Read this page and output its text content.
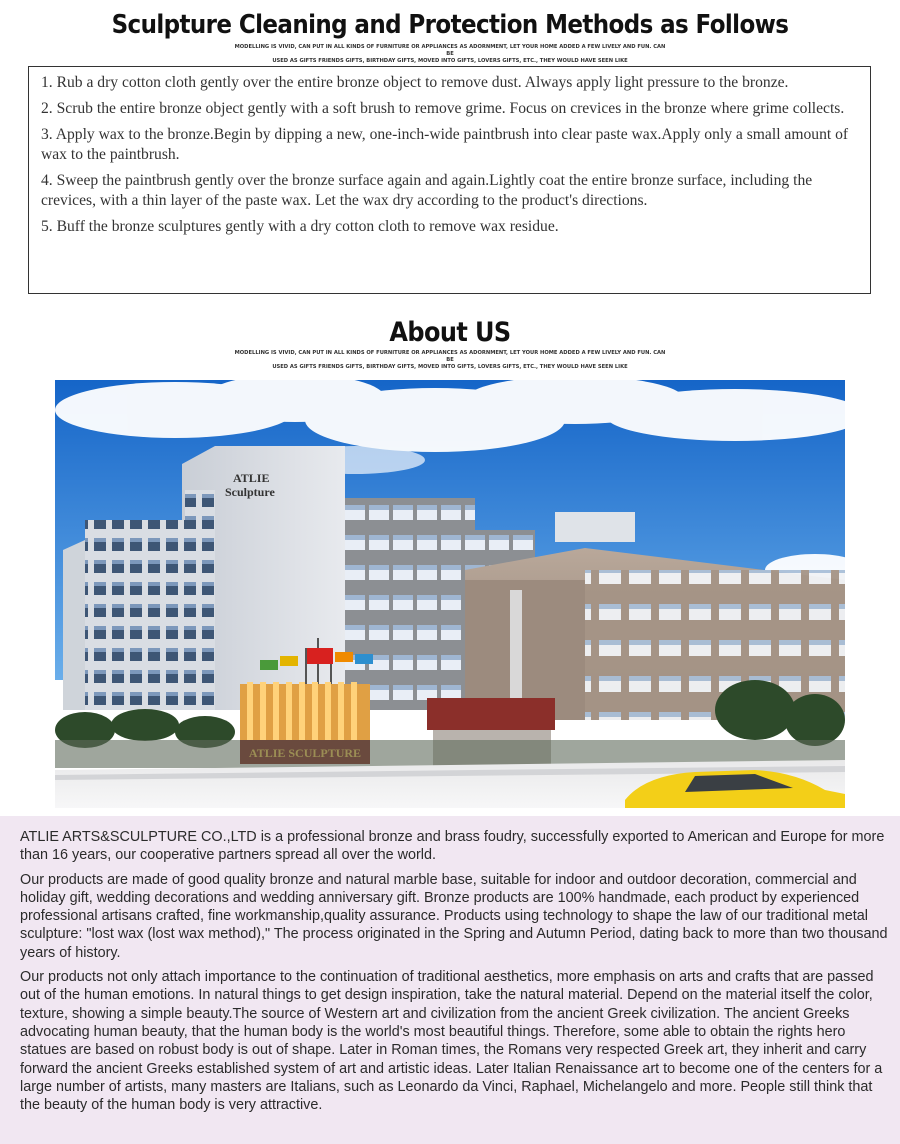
Sculpture Cleaning and Protection Methods as Follows
MODELLING IS VIVID, CAN PUT IN ALL KINDS OF FURNITURE OR APPLIANCES AS ADORNMENT, LET YOUR HOME ADDED A FEW LIVELY AND FUN. CAN BE
USED AS GIFTS FRIENDS GIFTS, BIRTHDAY GIFTS, MOVED INTO GIFTS, LOVERS GIFTS, ETC., THEY WOULD HAVE SEEN LIKE

1. Rub a dry cotton cloth gently over the entire bronze object to remove dust. Always apply light pressure to the bronze.

2. Scrub the entire bronze object gently with a soft brush to remove grime. Focus on crevices in the bronze where grime collects.

3. Apply wax to the bronze.Begin by dipping a new, one-inch-wide paintbrush into clear paste wax.Apply only a small amount of wax to the paintbrush.

4. Sweep the paintbrush gently over the bronze surface again and again.Lightly coat the entire bronze surface, including the crevices, with a thin layer of the paste wax. Let the wax dry according to the product's directions.

5. Buff the bronze sculptures gently with a dry cotton cloth to remove wax residue.

About US
MODELLING IS VIVID, CAN PUT IN ALL KINDS OF FURNITURE OR APPLIANCES AS ADORNMENT, LET YOUR HOME ADDED A FEW LIVELY AND FUN. CAN BE
USED AS GIFTS FRIENDS GIFTS, BIRTHDAY GIFTS, MOVED INTO GIFTS, LOVERS GIFTS, ETC., THEY WOULD HAVE SEEN LIKE
ATLIE
Sculpture

ATLIE ARTS&SCULPTURE CO.,LTD is a professional bronze and brass foudry, successfully exported to American and Europe for more than 16 years, our cooperative partners spread all over the world.

Our products are made of good quality bronze and natural marble base, suitable for indoor and outdoor decoration, commercial and holiday gift, wedding decorations and wedding anniversary gift. Bronze products are 100% handmade, each product by experienced professional artisans crafted, fine workmanship,quality assurance. Products using technology to shape the law of our traditional metal sculpture: "lost wax (lost wax method)," The process originated in the Spring and Autumn Period, dating back to more than two thousand years of history.

Our products not only attach importance to the continuation of traditional aesthetics, more emphasis on arts and crafts that are passed out of the human emotions. In natural things to get design inspiration, take the natural material. Depend on the material itself the color, texture, showing a simple beauty.The source of Western art and civilization from the ancient Greek civilization. The ancient Greeks advocating human beauty, that the human body is the world's most beautiful things. Therefore, some able to obtain the rights hero statues are based on robust body is out of shape. Later in Roman times, the Romans very respected Greek art, they inherit and carry forward the ancient Greeks established system of art and artistic ideas. Later Italian Renaissance art to become one of the centers for a large number of artists, many masters are Italians, such as Leonardo da Vinci, Raphael, Michelangelo and more. People still think that the beauty of the human body is very attractive.
